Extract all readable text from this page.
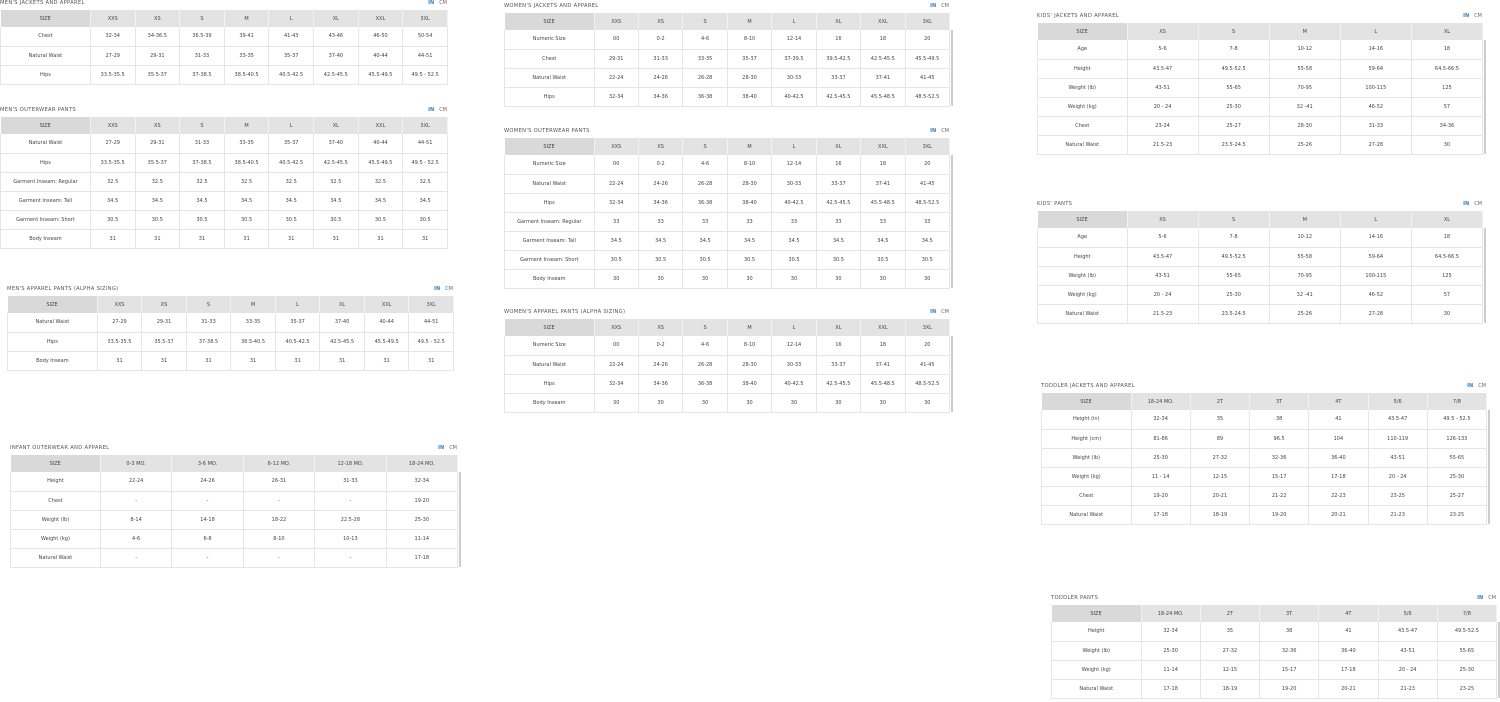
MEN'S JACKETS AND APPAREL	IN CM
SIZE	XXS	XS	S	M	L	XL	XXL	3XL
Chest	32-34	34-36.5	36.5-39	39-41	41-43	43-46	46-50	50-54
Natural Waist	27-29	29-31	31-33	33-35	35-37	37-40	40-44	44-51
Hips	33.5-35.5	35.5-37	37-38.5	38.5-40.5	40.5-42.5	42.5-45.5	45.5-49.5	49.5 - 52.5
MEN'S OUTERWEAR PANTS	IN CM
SIZE	XXS	XS	S	M	L	XL	XXL	3XL
Natural Waist	27-29	29-31	31-33	33-35	35-37	37-40	40-44	44-51
Hips	33.5-35.5	35.5-37	37-38.5	38.5-40.5	40.5-42.5	42.5-45.5	45.5-49.5	49.5 - 52.5
Garment Inseam: Regular	32.5	32.5	32.5	32.5	32.5	32.5	32.5	32.5
Garment Inseam: Tall	34.5	34.5	34.5	34.5	34.5	34.5	34.5	34.5
Garment Inseam: Short	30.5	30.5	30.5	30.5	30.5	30.5	30.5	30.5
Body Inseam	31	31	31	31	31	31	31	31
MEN'S APPAREL PANTS (ALPHA SIZING)	IN CM
SIZE	XXS	XS	S	M	L	XL	XXL	3XL
Natural Waist	27-29	29-31	31-33	33-35	35-37	37-40	40-44	44-51
Hips	33.5-35.5	35.5-37	37-38.5	38.5-40.5	40.5-42.5	42.5-45.5	45.5-49.5	49.5 - 52.5
Body Inseam	31	31	31	31	31	31	31	31
INFANT OUTERWEAR AND APPAREL	IN CM
SIZE	0-3 MO.	3-6 MO.	6-12 MO.	12-18 MO.	18-24 MO.
Height	22-24	24-26	26-31	31-33	32-34
Chest	-	-	-	-	19-20
Weight (lb)	8-14	14-18	18-22	22.5-28	25-30
Weight (kg)	4-6	6-8	8-10	10-13	11-14
Natural Waist	-	-	-	-	17-18
WOMEN'S JACKETS AND APPAREL	IN CM
SIZE	XXS	XS	S	M	L	XL	XXL	3XL
Numeric Size	00	0-2	4-6	8-10	12-14	16	18	20
Chest	29-31	31-33	33-35	35-37	37-39.5	39.5-42.5	42.5-45.5	45.5-49.5
Natural Waist	22-24	24-26	26-28	28-30	30-33	33-37	37-41	41-45
Hips	32-34	34-36	36-38	38-40	40-42.5	42.5-45.5	45.5-48.5	48.5-52.5
WOMEN'S OUTERWEAR PANTS	IN CM
SIZE	XXS	XS	S	M	L	XL	XXL	3XL
Numeric Size	00	0-2	4-6	8-10	12-14	16	18	20
Natural Waist	22-24	24-26	26-28	28-30	30-33	33-37	37-41	41-45
Hips	32-34	34-36	36-38	38-40	40-42.5	42.5-45.5	45.5-48.5	48.5-52.5
Garment Inseam: Regular	33	33	33	33	33	33	33	33
Garment Inseam: Tall	34.5	34.5	34.5	34.5	34.5	34.5	34.5	34.5
Garment Inseam: Short	30.5	30.5	30.5	30.5	30.5	30.5	30.5	30.5
Body Inseam	30	30	30	30	30	30	30	30
WOMEN'S APPAREL PANTS (ALPHA SIZING)	IN CM
SIZE	XXS	XS	S	M	L	XL	XXL	3XL
Numeric Size	00	0-2	4-6	8-10	12-14	16	18	20
Natural Waist	22-24	24-26	26-28	28-30	30-33	33-37	37-41	41-45
Hips	32-34	34-36	36-38	38-40	40-42.5	42.5-45.5	45.5-48.5	48.5-52.5
Body Inseam	30	30	30	30	30	30	30	30
KIDS' JACKETS AND APPAREL	IN CM
SIZE	XS	S	M	L	XL
Age	5-6	7-8	10-12	14-16	18
Height	43.5-47	49.5-52.5	55-58	59-64	64.5-66.5
Weight (lb)	43-51	55-65	70-95	100-115	125
Weight (kg)	20 - 24	25-30	32 -41	46-52	57
Chest	23-24	25-27	28-30	31-33	34-36
Natural Waist	21.5-23	23.5-24.5	25-26	27-28	30
KIDS' PANTS	IN CM
SIZE	XS	S	M	L	XL
Age	5-6	7-8	10-12	14-16	18
Height	43.5-47	49.5-52.5	55-58	59-64	64.5-66.5
Weight (lb)	43-51	55-65	70-95	100-115	125
Weight (kg)	20 - 24	25-30	32 -41	46-52	57
Natural Waist	21.5-23	23.5-24.5	25-26	27-28	30
TODDLER JACKETS AND APPAREL	IN CM
SIZE	18-24 MO.	2T	3T	4T	5/6	7/8
Height (in)	32-34	35	38	41	43.5-47	49.5 - 52.5
Height (cm)	81-86	89	96.5	104	110-119	126-133
Weight (lb)	25-30	27-32	32-36	36-40	43-51	55-65
Weight (kg)	11 - 14	12-15	15-17	17-18	20 - 24	25-30
Chest	19-20	20-21	21-22	22-23	23-25	25-27
Natural Waist	17-18	18-19	19-20	20-21	21-23	23-25
TODDLER PANTS	IN CM
SIZE	18-24 MO.	2T	3T	4T	5/6	7/8
Height	32-34	35	38	41	43.5-47	49.5-52.5
Weight (lb)	25-30	27-32	32-36	36-40	43-51	55-65
Weight (kg)	11-14	12-15	15-17	17-18	20 - 24	25-30
Natural Waist	17-18	18-19	19-20	20-21	21-23	23-25
